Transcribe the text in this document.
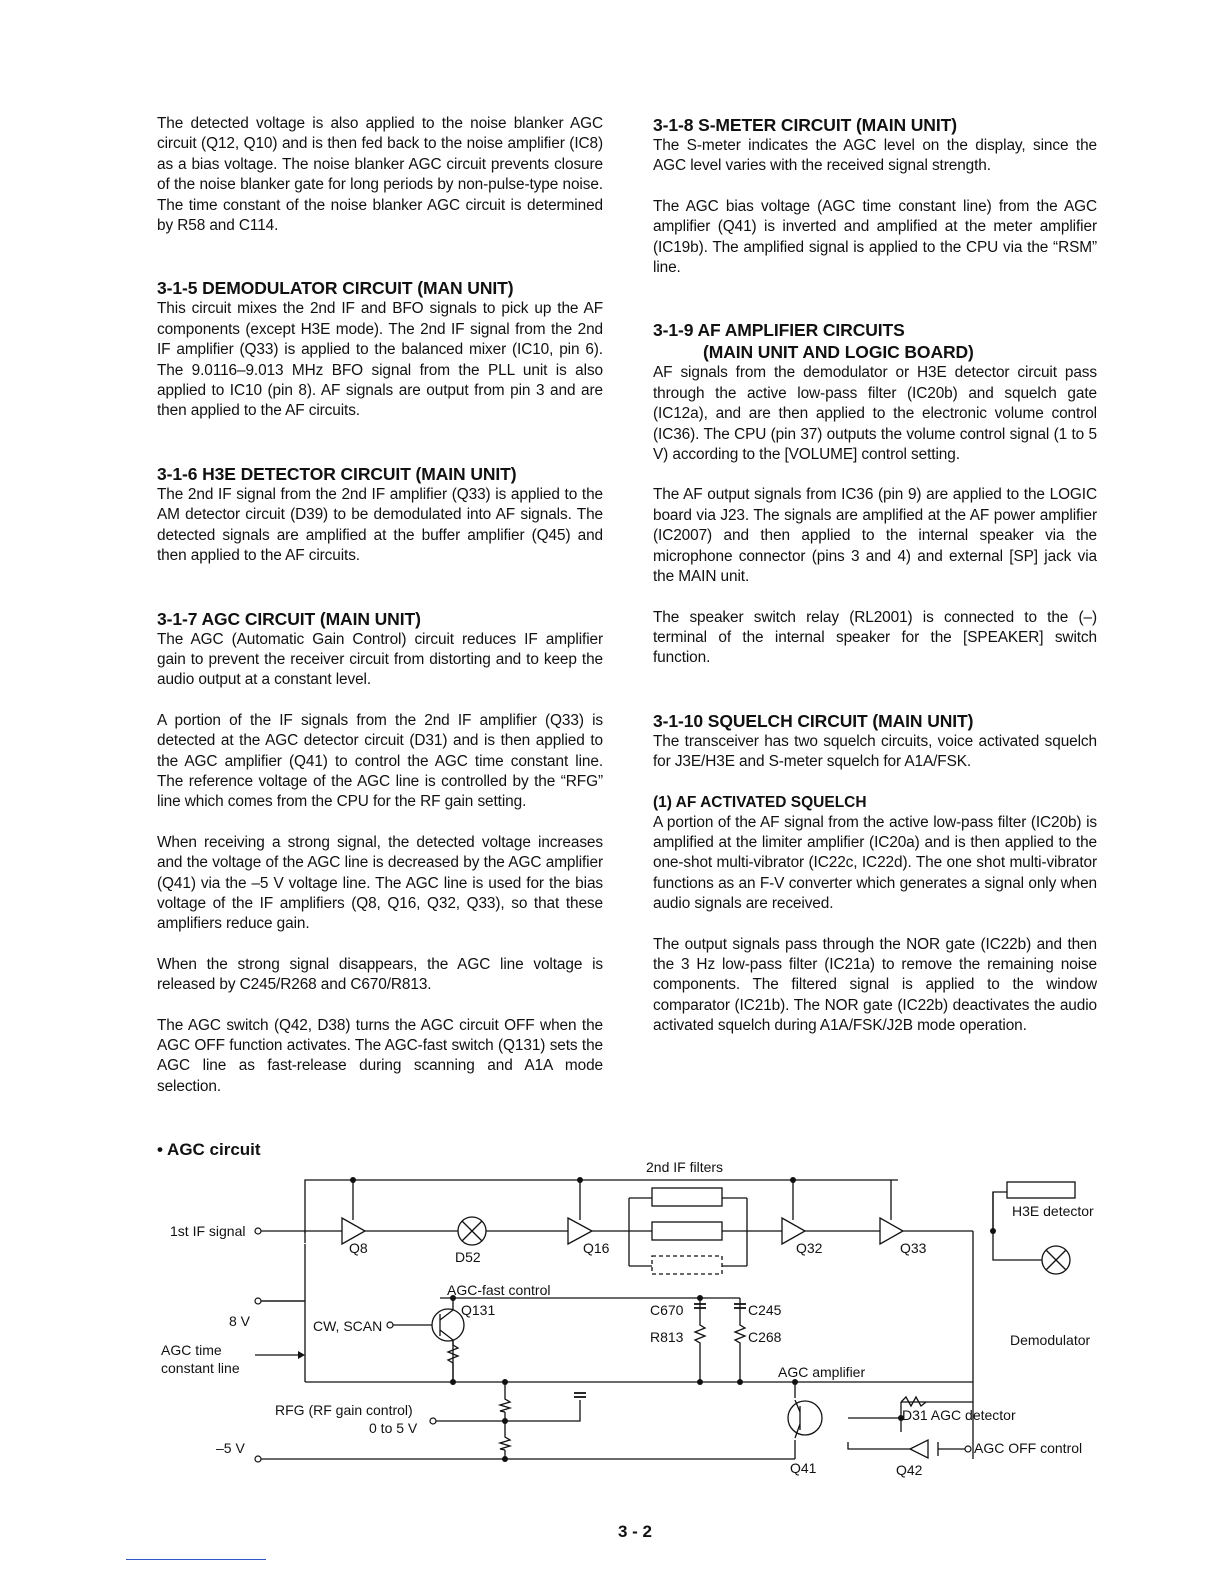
The detected voltage is also applied to the noise blanker AGC circuit (Q12, Q10) and is then fed back to the noise amplifier (IC8) as a bias voltage. The noise blanker AGC circuit prevents closure of the noise blanker gate for long periods by non-pulse-type noise. The time constant of the noise blanker AGC circuit is determined by R58 and C114.

3-1-5 DEMODULATOR CIRCUIT (MAN UNIT)

This circuit mixes the 2nd IF and BFO signals to pick up the AF components (except H3E mode). The 2nd IF signal from the 2nd IF amplifier (Q33) is applied to the balanced mixer (IC10, pin 6). The 9.0116–9.013 MHz BFO signal from the PLL unit is also applied to IC10 (pin 8). AF signals are output from pin 3 and are then applied to the AF circuits.

3-1-6 H3E DETECTOR CIRCUIT (MAIN UNIT)

The 2nd IF signal from the 2nd IF amplifier (Q33) is applied to the AM detector circuit (D39) to be demodulated into AF signals. The detected signals are amplified at the buffer amplifier (Q45) and then applied to the AF circuits.

3-1-7 AGC CIRCUIT (MAIN UNIT)

The AGC (Automatic Gain Control) circuit reduces IF amplifier gain to prevent the receiver circuit from distorting and to keep the audio output at a constant level.

A portion of the IF signals from the 2nd IF amplifier (Q33) is detected at the AGC detector circuit (D31) and is then applied to the AGC amplifier (Q41) to control the AGC time constant line. The reference voltage of the AGC line is controlled by the “RFG” line which comes from the CPU for the RF gain setting.

When receiving a strong signal, the detected voltage increases and the voltage of the AGC line is decreased by the AGC amplifier (Q41) via the –5 V voltage line. The AGC line is used for the bias voltage of the IF amplifiers (Q8, Q16, Q32, Q33), so that these amplifiers reduce gain.

When the strong signal disappears, the AGC line voltage is released by C245/R268 and C670/R813.

The AGC switch (Q42, D38) turns the AGC circuit OFF when the AGC OFF function activates. The AGC-fast switch (Q131) sets the AGC line as fast-release during scanning and A1A mode selection.

3-1-8 S-METER CIRCUIT (MAIN UNIT)

The S-meter indicates the AGC level on the display, since the AGC level varies with the received signal strength.

The AGC bias voltage (AGC time constant line) from the AGC amplifier (Q41) is inverted and amplified at the meter amplifier (IC19b). The amplified signal is applied to the CPU via the “RSM” line.

3-1-9 AF AMPLIFIER CIRCUITS
(MAIN UNIT AND LOGIC BOARD)

AF signals from the demodulator or H3E detector circuit pass through the active low-pass filter (IC20b) and squelch gate (IC12a), and are then applied to the electronic volume control (IC36). The CPU (pin 37) outputs the volume control signal (1 to 5 V) according to the [VOLUME] control setting.

The AF output signals from IC36 (pin 9) are applied to the LOGIC board via J23. The signals are amplified at the AF power amplifier (IC2007) and then applied to the internal speaker via the microphone connector (pins 3 and 4) and external [SP] jack via the MAIN unit.

The speaker switch relay (RL2001) is connected to the (–) terminal of the internal speaker for the [SPEAKER] switch function.

3-1-10 SQUELCH CIRCUIT (MAIN UNIT)

The transceiver has two squelch circuits, voice activated squelch for J3E/H3E and S-meter squelch for A1A/FSK.

(1) AF ACTIVATED SQUELCH

A portion of the AF signal from the active low-pass filter (IC20b) is amplified at the limiter amplifier (IC20a) and is then applied to the one-shot multi-vibrator (IC22c, IC22d). The one shot multi-vibrator functions as an F-V converter which generates a signal only when audio signals are received.

The output signals pass through the NOR gate (IC22b) and then the 3 Hz low-pass filter (IC21a) to remove the remaining noise components. The filtered signal is applied to the window comparator (IC21b). The NOR gate (IC22b) deactivates the audio activated squelch during A1A/FSK/J2B mode operation.

• AGC circuit
1st IF signal
Q8
D52
Q16
2nd IF filters
Q32	Q33
H3E detector
Demodulator
AGC-fast control
8 V	CW, SCAN
Q131	C670
R813
C245
C268
AGC time
constant line	AGC amplifier
RFG (RF gain control)
0 to 5 V
D31 AGC detector
AGC OFF control
–5 V
Q41	Q42
3 - 2
